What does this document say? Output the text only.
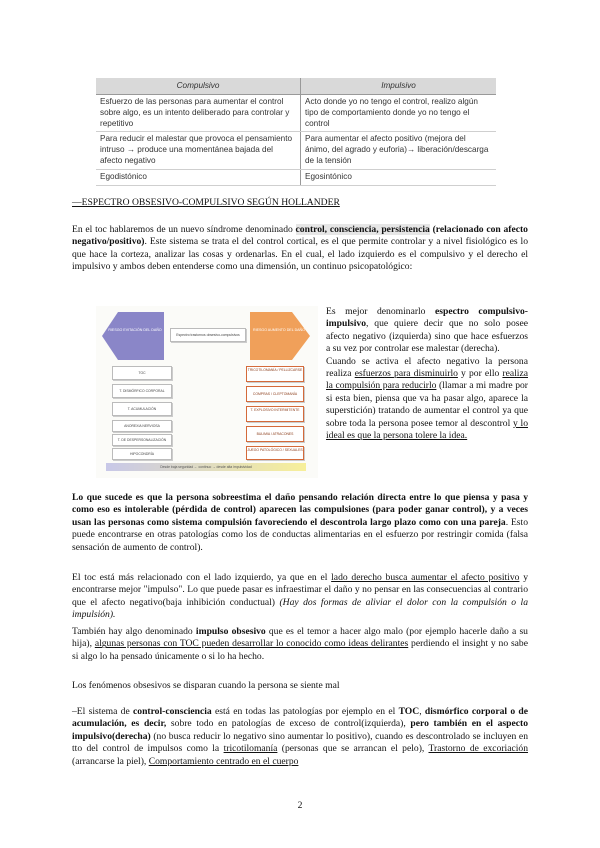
Compulsivo	Impulsivo
Esfuerzo de las personas para aumentar el control sobre algo, es un intento deliberado para controlar y repetitivo	Acto donde yo no tengo el control, realizo algún tipo de comportamiento donde yo no tengo el control
Para reducir el malestar que provoca el pensamiento intruso → produce una momentánea bajada del afecto negativo	Para aumentar el afecto positivo (mejora del ánimo, del agrado y euforia)→ liberación/descarga de la tensión
Egodistónico	Egosintónico
—ESPECTRO OBSESIVO-COMPULSIVO SEGÚN HOLLANDER
En el toc hablaremos de un nuevo síndrome denominado control, consciencia, persistencia (relacionado con afecto negativo/positivo). Este sistema se trata el del control cortical, es el que permite controlar y a nivel fisiológico es lo que hace la corteza, analizar las cosas y ordenarlas. En el cual, el lado izquierdo es el compulsivo y el derecho el impulsivo y ambos deben entenderse como una dimensión, un continuo psicopatológico:
RIESGO EVITACIÓN DEL DAÑO	RIESGO AUMENTO DEL DAÑO
Espectro trastornos obsesivo-compulsivos
TOC
T. DISMÓRFICO CORPORAL
T. ACUMULACIÓN
ANOREXIA NERVIOSA
T. DE DESPERSONALIZACIÓN
HIPOCONDRÍA
TRICOTILOMANÍA / PELLIZCARSE
COMPRAS / CLEPTOMANÍA
T. EXPLOSIVO INTERMITENTE
BULIMIA / ATRACONES
JUEGO PATOLÓGICO / SEXUALES
Desde baja seguridad ← continuo → desde alta impulsividad
Es mejor denominarlo espectro compulsivo-impulsivo, que quiere decir que no solo posee afecto negativo (izquierda) sino que hace esfuerzos a su vez por controlar ese malestar (derecha).
Cuando se activa el afecto negativo la persona realiza esfuerzos para disminuirlo y por ello realiza la compulsión para reducirlo (llamar a mi madre por si esta bien, piensa que va ha pasar algo, aparece la superstición) tratando de aumentar el control ya que sobre toda la persona posee temor al descontrol y lo ideal es que la persona tolere la idea.
Lo que sucede es que la persona sobreestima el daño pensando relación directa entre lo que piensa y pasa y como eso es intolerable (pérdida de control) aparecen las compulsiones (para poder ganar control), y a veces usan las personas como sistema compulsión favoreciendo el descontrola largo plazo como con una pareja. Esto puede encontrarse en otras patologías como los de conductas alimentarias en el esfuerzo por restringir comida (falsa sensación de aumento de control).
El toc está más relacionado con el lado izquierdo, ya que en el lado derecho busca aumentar el afecto positivo y encontrarse mejor "impulso". Lo que puede pasar es infraestimar el daño y no pensar en las consecuencias al contrario que el afecto negativo(baja inhibición conductual) (Hay dos formas de aliviar el dolor con la compulsión o la impulsión).
También hay algo denominado impulso obsesivo que es el temor a hacer algo malo (por ejemplo hacerle daño a su hija), algunas personas con TOC pueden desarrollar lo conocido como ideas delirantes perdiendo el insight y no sabe si algo lo ha pensado únicamente o si lo ha hecho.
Los fenómenos obsesivos se disparan cuando la persona se siente mal
–El sistema de control-consciencia está en todas las patologías por ejemplo en el TOC, dismórfico corporal o de acumulación, es decir, sobre todo en patologías de exceso de control(izquierda), pero también en el aspecto impulsivo(derecha) (no busca reducir lo negativo sino aumentar lo positivo), cuando es descontrolado se incluyen en tto del control de impulsos como la tricotilomanía (personas que se arrancan el pelo), Trastorno de excoriación (arrancarse la piel), Comportamiento centrado en el cuerpo
2
